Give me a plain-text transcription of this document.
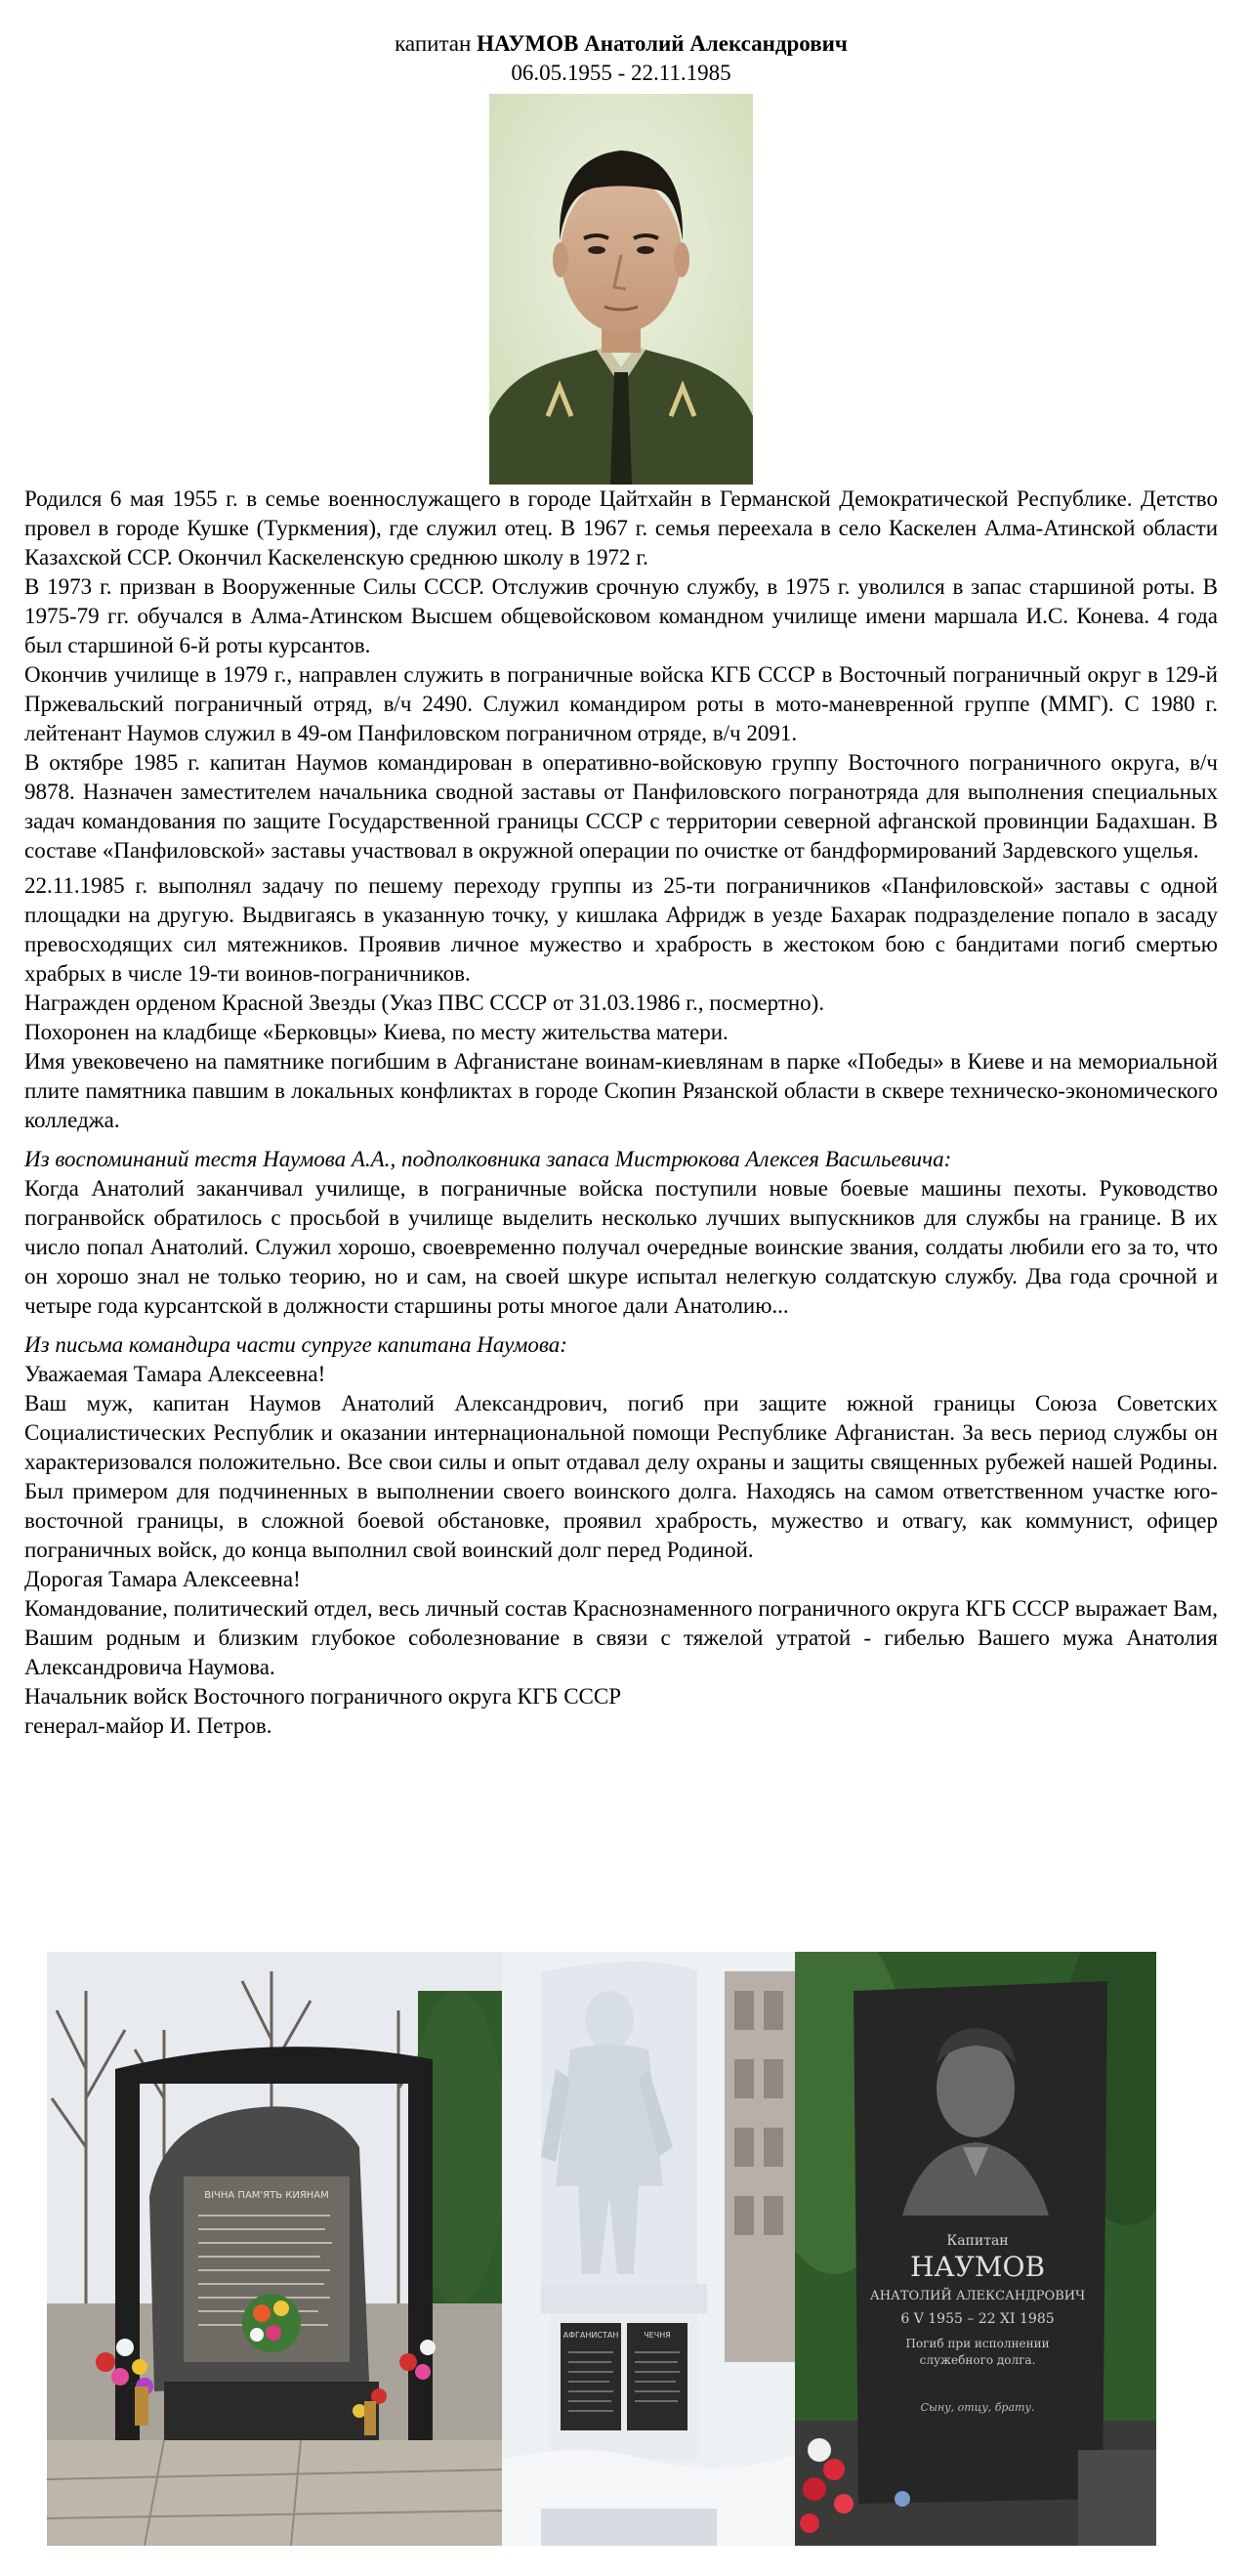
капитан НАУМОВ Анатолий Александрович
06.05.1955 - 22.11.1985

Родился 6 мая 1955 г. в семье военнослужащего в городе Цайтхайн в Германской Демократической Республике. Детство провел в городе Кушке (Туркмения), где служил отец. В 1967 г. семья переехала в село Каскелен Алма-Атинской области Казахской ССР. Окончил Каскеленскую среднюю школу в 1972 г.

В 1973 г. призван в Вооруженные Силы СССР. Отслужив срочную службу, в 1975 г. уволился в запас старшиной роты. В 1975-79 гг. обучался в Алма-Атинском Высшем общевойсковом командном училище имени маршала И.С. Конева. 4 года был старшиной 6-й роты курсантов.

Окончив училище в 1979 г., направлен служить в пограничные войска КГБ СССР в Восточный пограничный округ в 129-й Пржевальский пограничный отряд, в/ч 2490. Служил командиром роты в мото-маневренной группе (ММГ). С 1980 г. лейтенант Наумов служил в 49-ом Панфиловском пограничном отряде, в/ч 2091.

В октябре 1985 г. капитан Наумов командирован в оперативно-войсковую группу Восточного пограничного округа, в/ч 9878. Назначен заместителем начальника сводной заставы от Панфиловского погранотряда для выполнения специальных задач командования по защите Государственной границы СССР с территории северной афганской провинции Бадахшан. В составе «Панфиловской» заставы участвовал в окружной операции по очистке от бандформирований Зардевского ущелья.

22.11.1985 г. выполнял задачу по пешему переходу группы из 25-ти пограничников «Панфиловской» заставы с одной площадки на другую. Выдвигаясь в указанную точку, у кишлака Афридж в уезде Бахарак подразделение попало в засаду превосходящих сил мятежников. Проявив личное мужество и храбрость в жестоком бою с бандитами погиб смертью храбрых в числе 19-ти воинов-пограничников.

Награжден орденом Красной Звезды (Указ ПВС СССР от 31.03.1986 г., посмертно).

Похоронен на кладбище «Берковцы» Киева, по месту жительства матери.

Имя увековечено на памятнике погибшим в Афганистане воинам-киевлянам в парке «Победы» в Киеве и на мемориальной плите памятника павшим в локальных конфликтах в городе Скопин Рязанской области в сквере техническо-экономического колледжа.

Из воспоминаний тестя Наумова А.А., подполковника запаса Мистрюкова Алексея Васильевича:

Когда Анатолий заканчивал училище, в пограничные войска поступили новые боевые машины пехоты. Руководство погранвойск обратилось с просьбой в училище выделить несколько лучших выпускников для службы на границе. В их число попал Анатолий. Служил хорошо, своевременно получал очередные воинские звания, солдаты любили его за то, что он хорошо знал не только теорию, но и сам, на своей шкуре испытал нелегкую солдатскую службу. Два года срочной и четыре года курсантской в должности старшины роты многое дали Анатолию...

Из письма командира части супруге капитана Наумова:

Уважаемая Тамара Алексеевна!

Ваш муж, капитан Наумов Анатолий Александрович, погиб при защите южной границы Союза Советских Социалистических Республик и оказании интернациональной помощи Республике Афганистан. За весь период службы он характеризовался положительно. Все свои силы и опыт отдавал делу охраны и защиты священных рубежей нашей Родины. Был примером для подчиненных в выполнении своего воинского долга. Находясь на самом ответственном участке юго-восточной границы, в сложной боевой обстановке, проявил храбрость, мужество и отвагу, как коммунист, офицер пограничных войск, до конца выполнил свой воинский долг перед Родиной.

Дорогая Тамара Алексеевна!

Командование, политический отдел, весь личный состав Краснознаменного пограничного округа КГБ СССР выражает Вам, Вашим родным и близким глубокое соболезнование в связи с тяжелой утратой - гибелью Вашего мужа Анатолия Александровича Наумова.

Начальник войск Восточного пограничного округа КГБ СССР

генерал-майор И. Петров.

ВІЧНА ПАМ'ЯТЬ КИЯНАМ
АФГАНИСТАН	ЧЕЧНЯ
Капитан
НАУМОВ
АНАТОЛИЙ АЛЕКСАНДРОВИЧ
6 V 1955 – 22 XI 1985
Погиб при исполнении
служебного долга.
Сыну, отцу, брату.
